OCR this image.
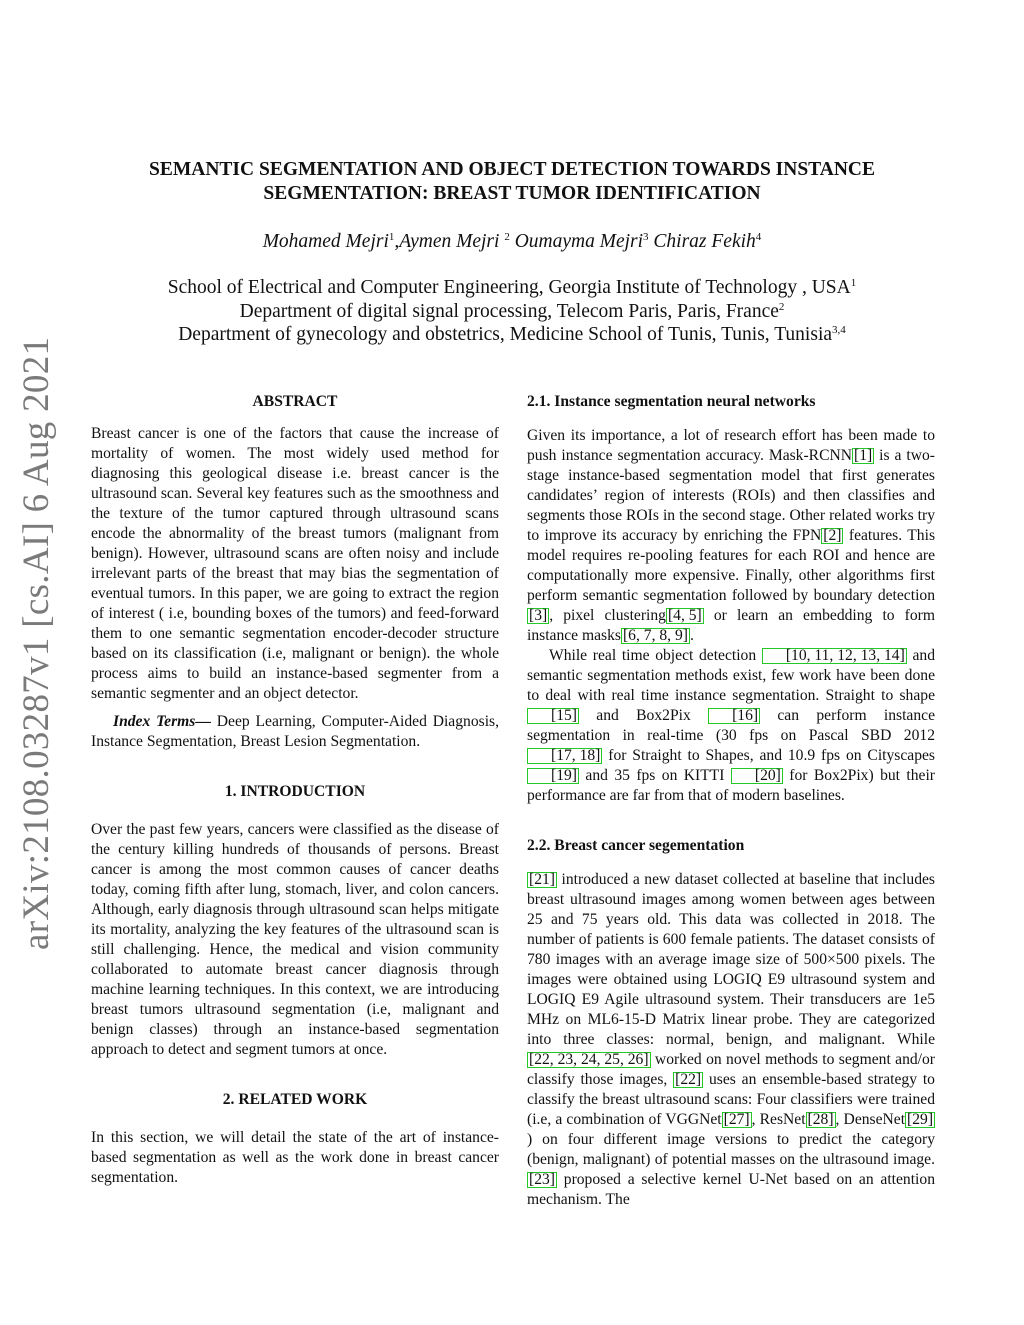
arXiv:2108.03287v1 [cs.AI] 6 Aug 2021
SEMANTIC SEGMENTATION AND OBJECT DETECTION TOWARDS INSTANCE
SEGMENTATION: BREAST TUMOR IDENTIFICATION
Mohamed Mejri$^1$,Aymen Mejri $^2$ Oumayma Mejri$^3$ Chiraz Fekih$^4$
School of Electrical and Computer Engineering, Georgia Institute of Technology , USA$^1$
Department of digital signal processing, Telecom Paris, Paris, France$^2$
Department of gynecology and obstetrics, Medicine School of Tunis, Tunis, Tunisia$^{3,4}$
ABSTRACT

Breast cancer is one of the factors that cause the increase of mortality of women. The most widely used method for diagnosing this geological disease i.e. breast cancer is the ultrasound scan. Several key features such as the smoothness and the texture of the tumor captured through ultrasound scans encode the abnormality of the breast tumors (malignant from benign). However, ultrasound scans are often noisy and include irrelevant parts of the breast that may bias the segmentation of eventual tumors. In this paper, we are going to extract the region of interest ( i.e, bounding boxes of the tumors) and feed-forward them to one semantic segmentation encoder-decoder structure based on its classification (i.e, malignant or benign). the whole process aims to build an instance-based segmenter from a semantic segmenter and an object detector.

Index Terms— Deep Learning, Computer-Aided Diagnosis, Instance Segmentation, Breast Lesion Segmentation.

1. INTRODUCTION

Over the past few years, cancers were classified as the disease of the century killing hundreds of thousands of persons. Breast cancer is among the most common causes of cancer deaths today, coming fifth after lung, stomach, liver, and colon cancers. Although, early diagnosis through ultrasound scan helps mitigate its mortality, analyzing the key features of the ultrasound scan is still challenging. Hence, the medical and vision community collaborated to automate breast cancer diagnosis through machine learning techniques. In this context, we are introducing breast tumors ultrasound segmentation (i.e, malignant and benign classes) through an instance-based segmentation approach to detect and segment tumors at once.

2. RELATED WORK

In this section, we will detail the state of the art of instance-based segmentation as well as the work done in breast cancer segmentation.

2.1. Instance segmentation neural networks

Given its importance, a lot of research effort has been made to push instance segmentation accuracy. Mask-RCNN [1] is a two-stage instance-based segmentation model that first generates candidates’ region of interests (ROIs) and then classifies and segments those ROIs in the second stage. Other related works try to improve its accuracy by enriching the FPN [2] features. This model requires re-pooling features for each ROI and hence are computationally more expensive. Finally, other algorithms first perform semantic segmentation followed by boundary detection[3] , pixel clustering [4, 5] or learn an embedding to form instance masks [6, 7, 8, 9] .

While real time object detection [10, 11, 12, 13, 14] and semantic segmentation methods exist, few work have been done to deal with real time instance segmentation. Straight to shape[15] and Box2Pix [16] can perform instance segmentation in real-time (30 fps on Pascal SBD 2012 [17, 18] for Straight to Shapes, and 10.9 fps on Cityscapes [19] and 35 fps on KITTI [20] for Box2Pix) but their performance are far from that of modern baselines.

2.2. Breast cancer segementation

[21] introduced a new dataset collected at baseline that includes breast ultrasound images among women between ages between 25 and 75 years old. This data was collected in 2018. The number of patients is 600 female patients. The dataset consists of 780 images with an average image size of 500×500 pixels. The images were obtained using LOGIQ E9 ultrasound system and LOGIQ E9 Agile ultrasound system. Their transducers are 1e5 MHz on ML6-15-D Matrix linear probe. They are categorized into three classes: normal, benign, and malignant. While [22, 23, 24, 25, 26] worked on novel methods to segment and/or classify those images, [22] uses an ensemble-based strategy to classify the breast ultrasound scans: Four classifiers were trained (i.e, a combination of VGGNet [27] , ResNet [28] , DenseNet [29]) on four different image versions to predict the category (benign, malignant) of potential masses on the ultrasound image.[23] proposed a selective kernel U-Net based on an attention mechanism. The
